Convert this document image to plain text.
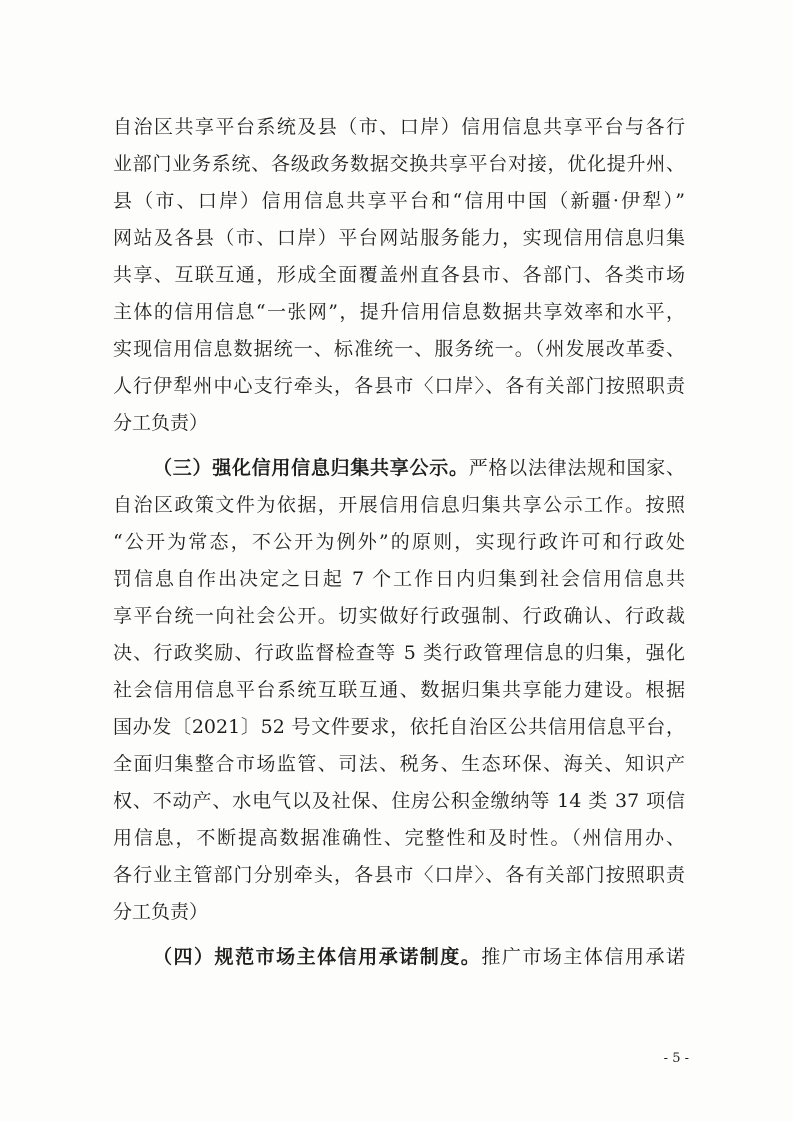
自治区共享平台系统及县（市、口岸）信用信息共享平台与各行
业部门业务系统、各级政务数据交换共享平台对接，优化提升州、
县（市、口岸）信用信息共享平台和“信用中国（新疆·伊犁）”
网站及各县（市、口岸）平台网站服务能力，实现信用信息归集
共享、互联互通，形成全面覆盖州直各县市、各部门、各类市场
主体的信用信息“一张网”，提升信用信息数据共享效率和水平，
实现信用信息数据统一、标准统一、服务统一。（州发展改革委、
人行伊犁州中心支行牵头，各县市〈口岸〉、各有关部门按照职责
分工负责）
（三）强化信用信息归集共享公示。严格以法律法规和国家、
自治区政策文件为依据，开展信用信息归集共享公示工作。按照
“公开为常态，不公开为例外”的原则，实现行政许可和行政处
罚信息自作出决定之日起 7 个工作日内归集到社会信用信息共
享平台统一向社会公开。切实做好行政强制、行政确认、行政裁
决、行政奖励、行政监督检查等 5 类行政管理信息的归集，强化
社会信用信息平台系统互联互通、数据归集共享能力建设。根据
国办发〔2021〕52 号文件要求，依托自治区公共信用信息平台，
全面归集整合市场监管、司法、税务、生态环保、海关、知识产
权、不动产、水电气以及社保、住房公积金缴纳等 14 类 37 项信
用信息，不断提高数据准确性、完整性和及时性。（州信用办、
各行业主管部门分别牵头，各县市〈口岸〉、各有关部门按照职责
分工负责）
（四）规范市场主体信用承诺制度。推广市场主体信用承诺
- 5 -
